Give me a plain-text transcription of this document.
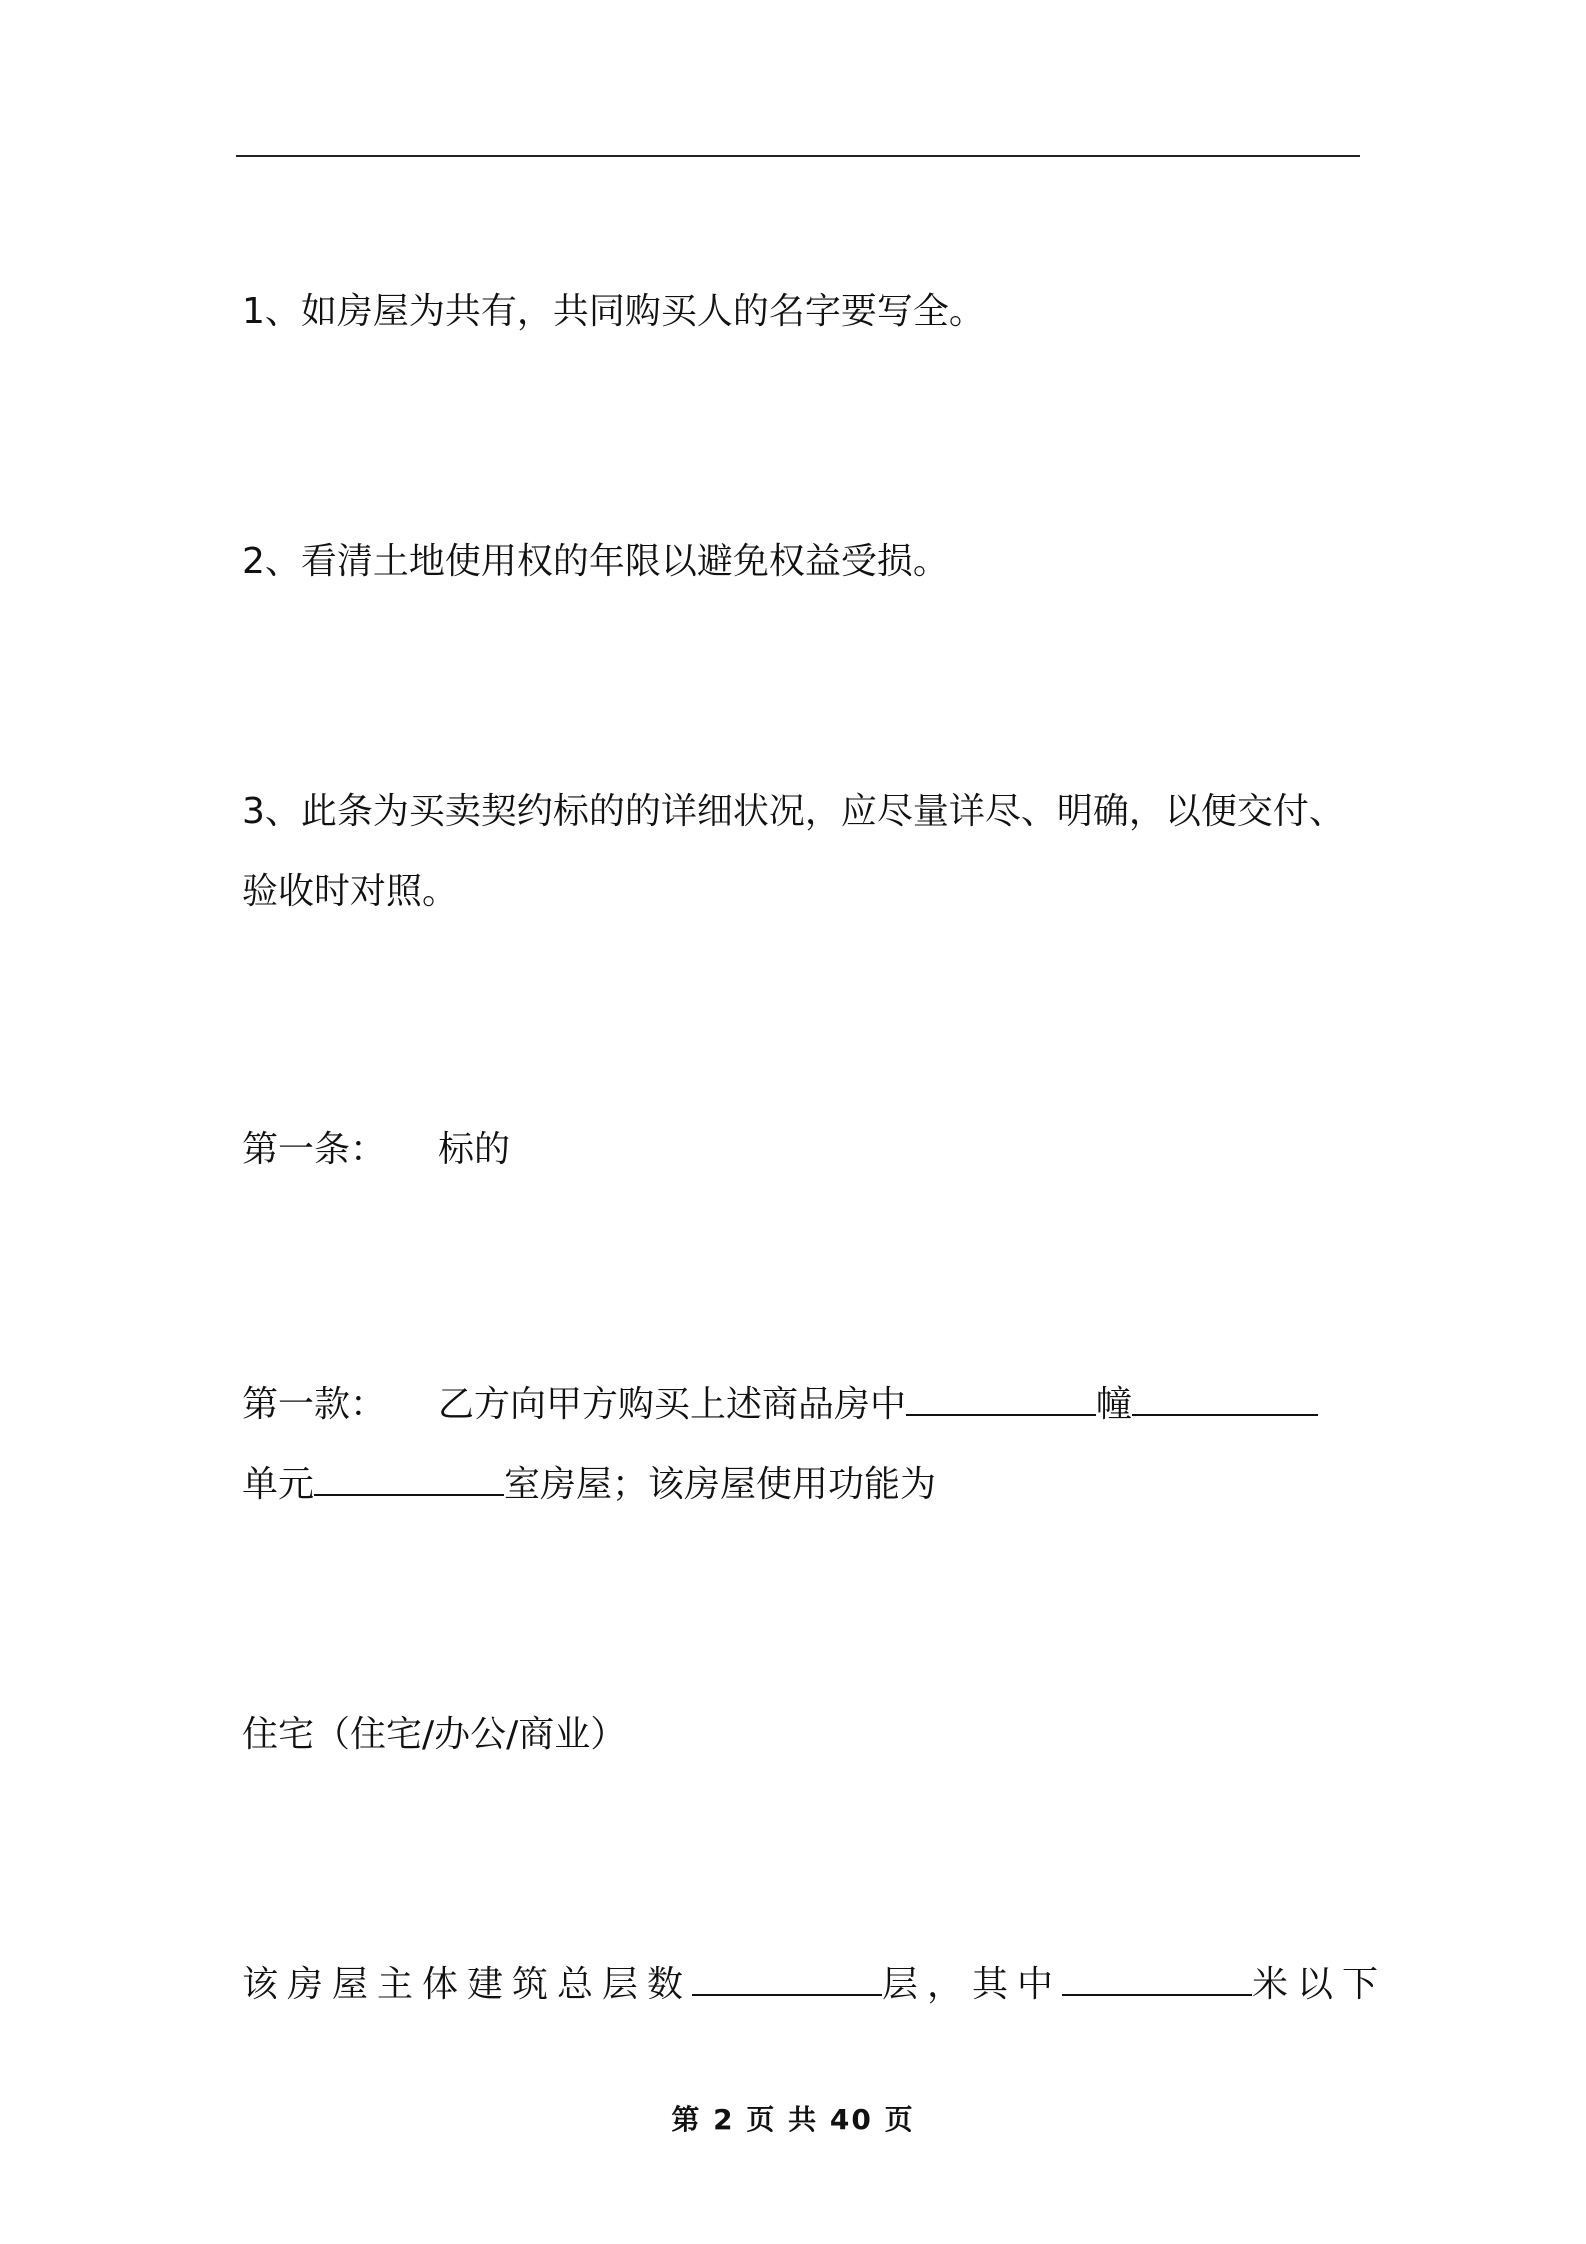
1、如房屋为共有，共同购买人的名字要写全。

2、看清土地使用权的年限以避免权益受损。

3、此条为买卖契约标的的详细状况，应尽量详尽、明确，以便交付、
验收时对照。

第一条： 标的

第一款： 乙方向甲方购买上述商品房中	幢
单元	室房屋；该房屋使用功能为

住宅（住宅/办公/商业）

该房屋主体建筑总层数	层，其中	米以下

第 2 页 共 40 页
